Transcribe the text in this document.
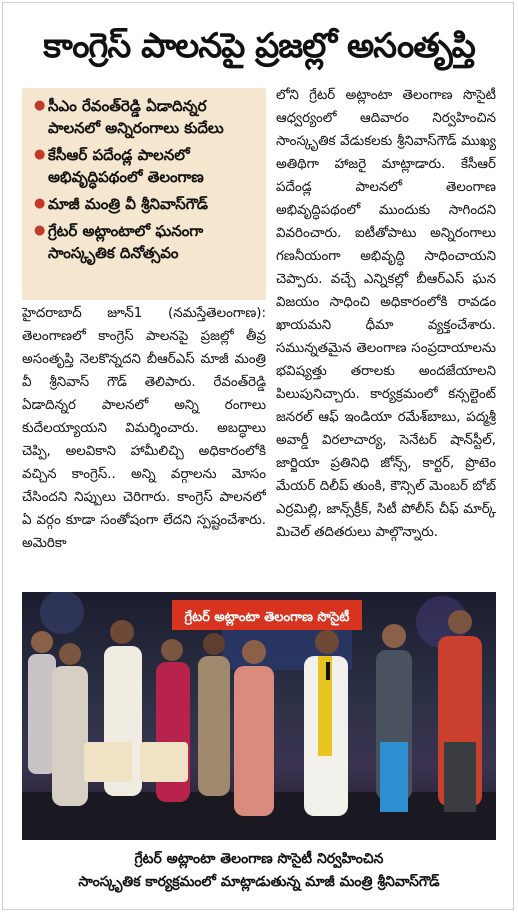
కాంగ్రెస్ పాలనపై ప్రజల్లో అసంతృప్తి
● సీఎం రేవంత్‌రెడ్డి ఏడాదిన్నర పాలనలో అన్నిరంగాలు కుదేలు
● కేసీఆర్ పదేండ్ల పాలనలో అభివృద్ధిపథంలో తెలంగాణ
● మాజీ మంత్రి వీ శ్రీనివాస్‌గౌడ్
● గ్రేటర్ అట్లాంటాలో ఘనంగా సాంస్కృతిక దినోత్సవం
హైదరాబాద్ జూన్1 (నమస్తేతెలంగాణ): తెలంగాణలో కాంగ్రెస్ పాలనపై ప్రజల్లో తీవ్ర అసంతృప్తి నెలకొన్నదని బీఆర్‌ఎస్ మాజీ మంత్రి వీ శ్రీనివాస్ గౌడ్ తెలిపారు. రేవంత్‌రెడ్డి ఏడాదిన్నర పాలనలో అన్ని రంగాలు కుదేలయ్యాయని విమర్శించారు. అబద్ధాలు చెప్పి, అలవికాని హామీలిచ్చి అధికారంలోకి వచ్చిన కాంగ్రెస్.. అన్ని వర్గాలను మోసం చేసిందని నిప్పులు చెరిగారు. కాంగ్రెస్ పాలనలో ఏ వర్గం కూడా సంతోషంగా లేదని స్పష్టంచేశారు. అమెరికా
లోని గ్రేటర్ అట్లాంటా తెలంగాణ సొసైటీ ఆధ్వర్యంలో ఆదివారం నిర్వహించిన సాంస్కృతిక వేడుకలకు శ్రీనివాస్‌గౌడ్ ముఖ్య అతిథిగా హాజరై మాట్లాడారు. కేసీఆర్ పదేండ్ల పాలనలో తెలంగాణ అభివృద్ధిపథంలో ముందుకు సాగిందని వివరించారు. ఐటీతోపాటు అన్నిరంగాలు గణనీయంగా అభివృద్ధి సాధించాయని చెప్పారు. వచ్చే ఎన్నికల్లో బీఆర్‌ఎస్ ఘన విజయం సాధించి అధికారంలోకి రావడం ఖాయమని ధీమా వ్యక్తంచేశారు. సమున్నతమైన తెలంగాణ సంప్రదాయాలను భవిష్యత్తు తరాలకు అందజేయాలని పిలుపునిచ్చారు. కార్యక్రమంలో కన్సల్టెంట్ జనరల్ ఆఫ్ ఇండియా రమేశ్‌బాబు, పద్మశ్రీ అవార్డీ విరలాచార్య, సెనేటర్ షాన్‌స్టీల్, జార్జియా ప్రతినిధి జోన్స్, కార్టర్, ప్రొటెం మేయర్ దిలీప్ తుంకి, కౌన్సిల్ మెంబర్ బోబ్ ఎర్రమిల్లి, జాన్స్‌క్రీక్, సిటీ పోలీస్ చీఫ్ మార్క్ మిచెల్ తదితరులు పాల్గొన్నారు.
గ్రేటర్ అట్లాంటా తెలంగాణ సొసైటీ
గ్రేటర్ అట్లాంటా తెలంగాణ సొసైటీ నిర్వహించిన
సాంస్కృతిక కార్యక్రమంలో మాట్లాడుతున్న మాజీ మంత్రి శ్రీనివాస్‌గౌడ్
